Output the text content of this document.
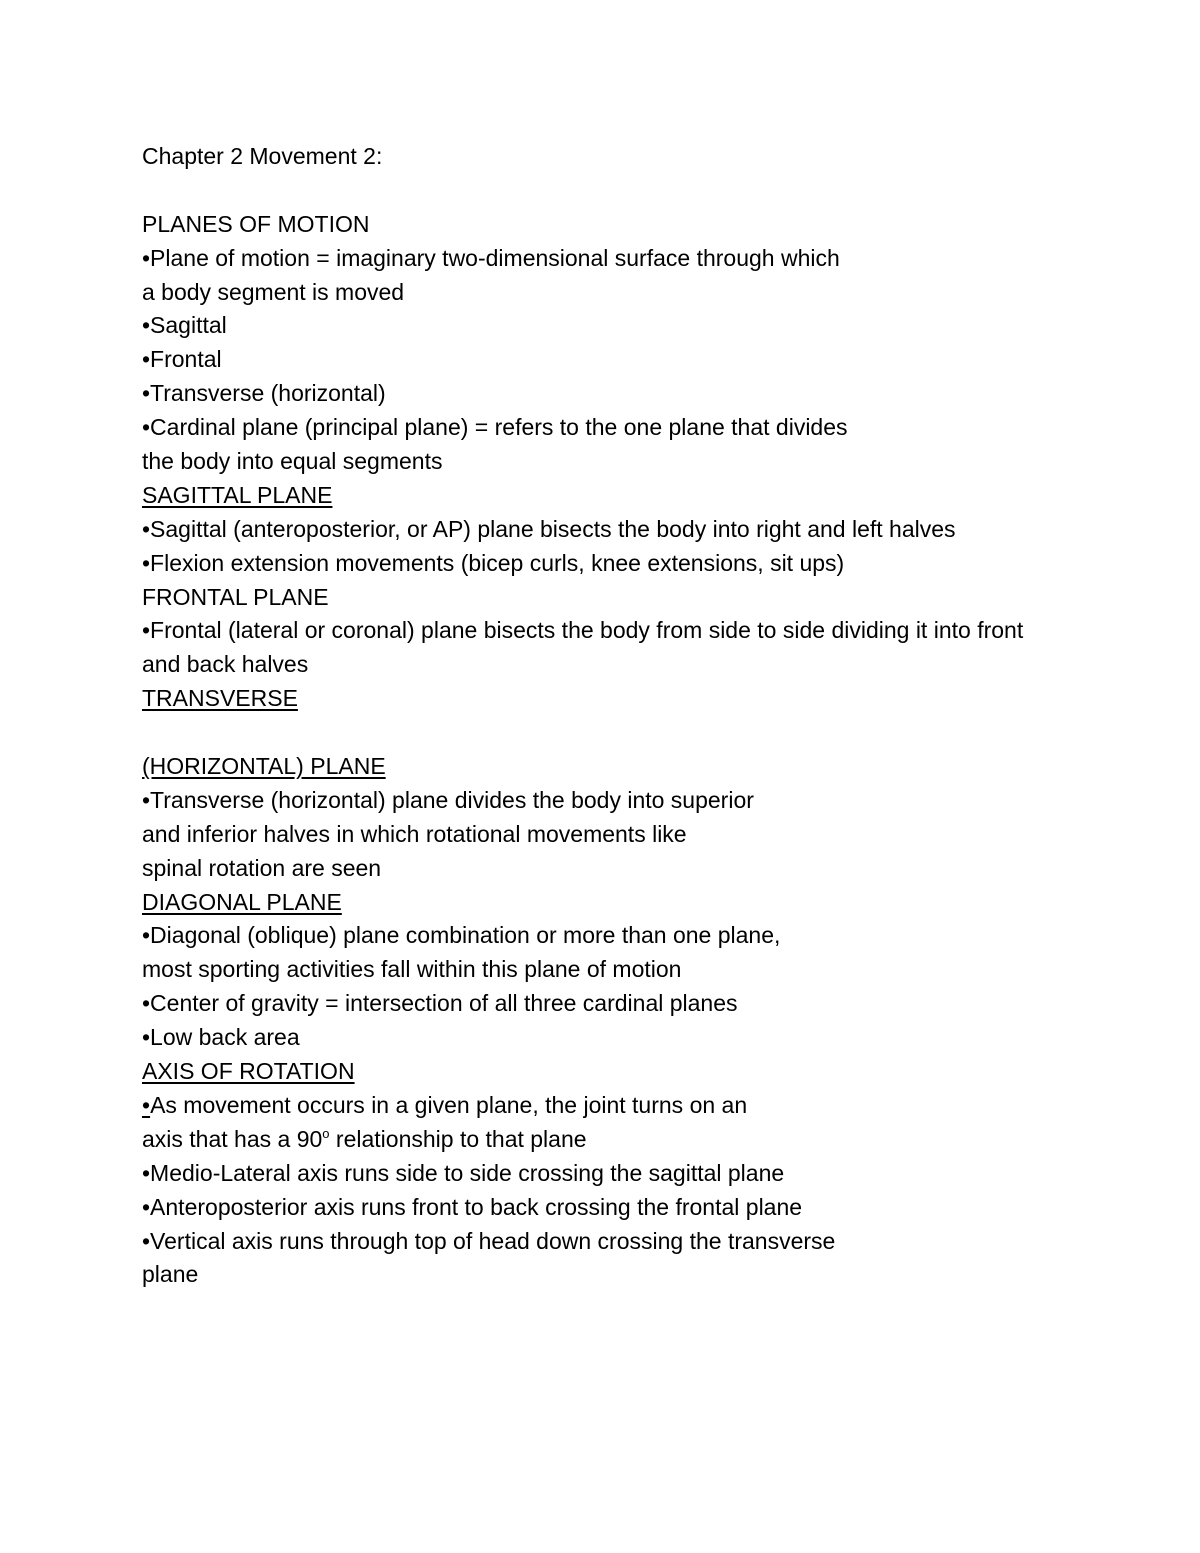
Chapter 2 Movement 2:

PLANES OF MOTION

•Plane of motion = imaginary two-dimensional surface through which

a body segment is moved

•Sagittal

•Frontal

•Transverse (horizontal)

•Cardinal plane (principal plane) = refers to the one plane that divides

the body into equal segments

SAGITTAL PLANE

•Sagittal (anteroposterior, or AP) plane bisects the body into right and left halves

•Flexion extension movements (bicep curls, knee extensions, sit ups)

FRONTAL PLANE

•Frontal (lateral or coronal) plane bisects the body from side to side dividing it into front

and back halves

TRANSVERSE

(HORIZONTAL) PLANE

•Transverse (horizontal) plane divides the body into superior

and inferior halves in which rotational movements like

spinal rotation are seen

DIAGONAL PLANE

•Diagonal (oblique) plane combination or more than one plane,

most sporting activities fall within this plane of motion

•Center of gravity = intersection of all three cardinal planes

•Low back area

AXIS OF ROTATION

•As movement occurs in a given plane, the joint turns on an

axis that has a 90$^o$ relationship to that plane

•Medio-Lateral axis runs side to side crossing the sagittal plane

•Anteroposterior axis runs front to back crossing the frontal plane

•Vertical axis runs through top of head down crossing the transverse

plane
